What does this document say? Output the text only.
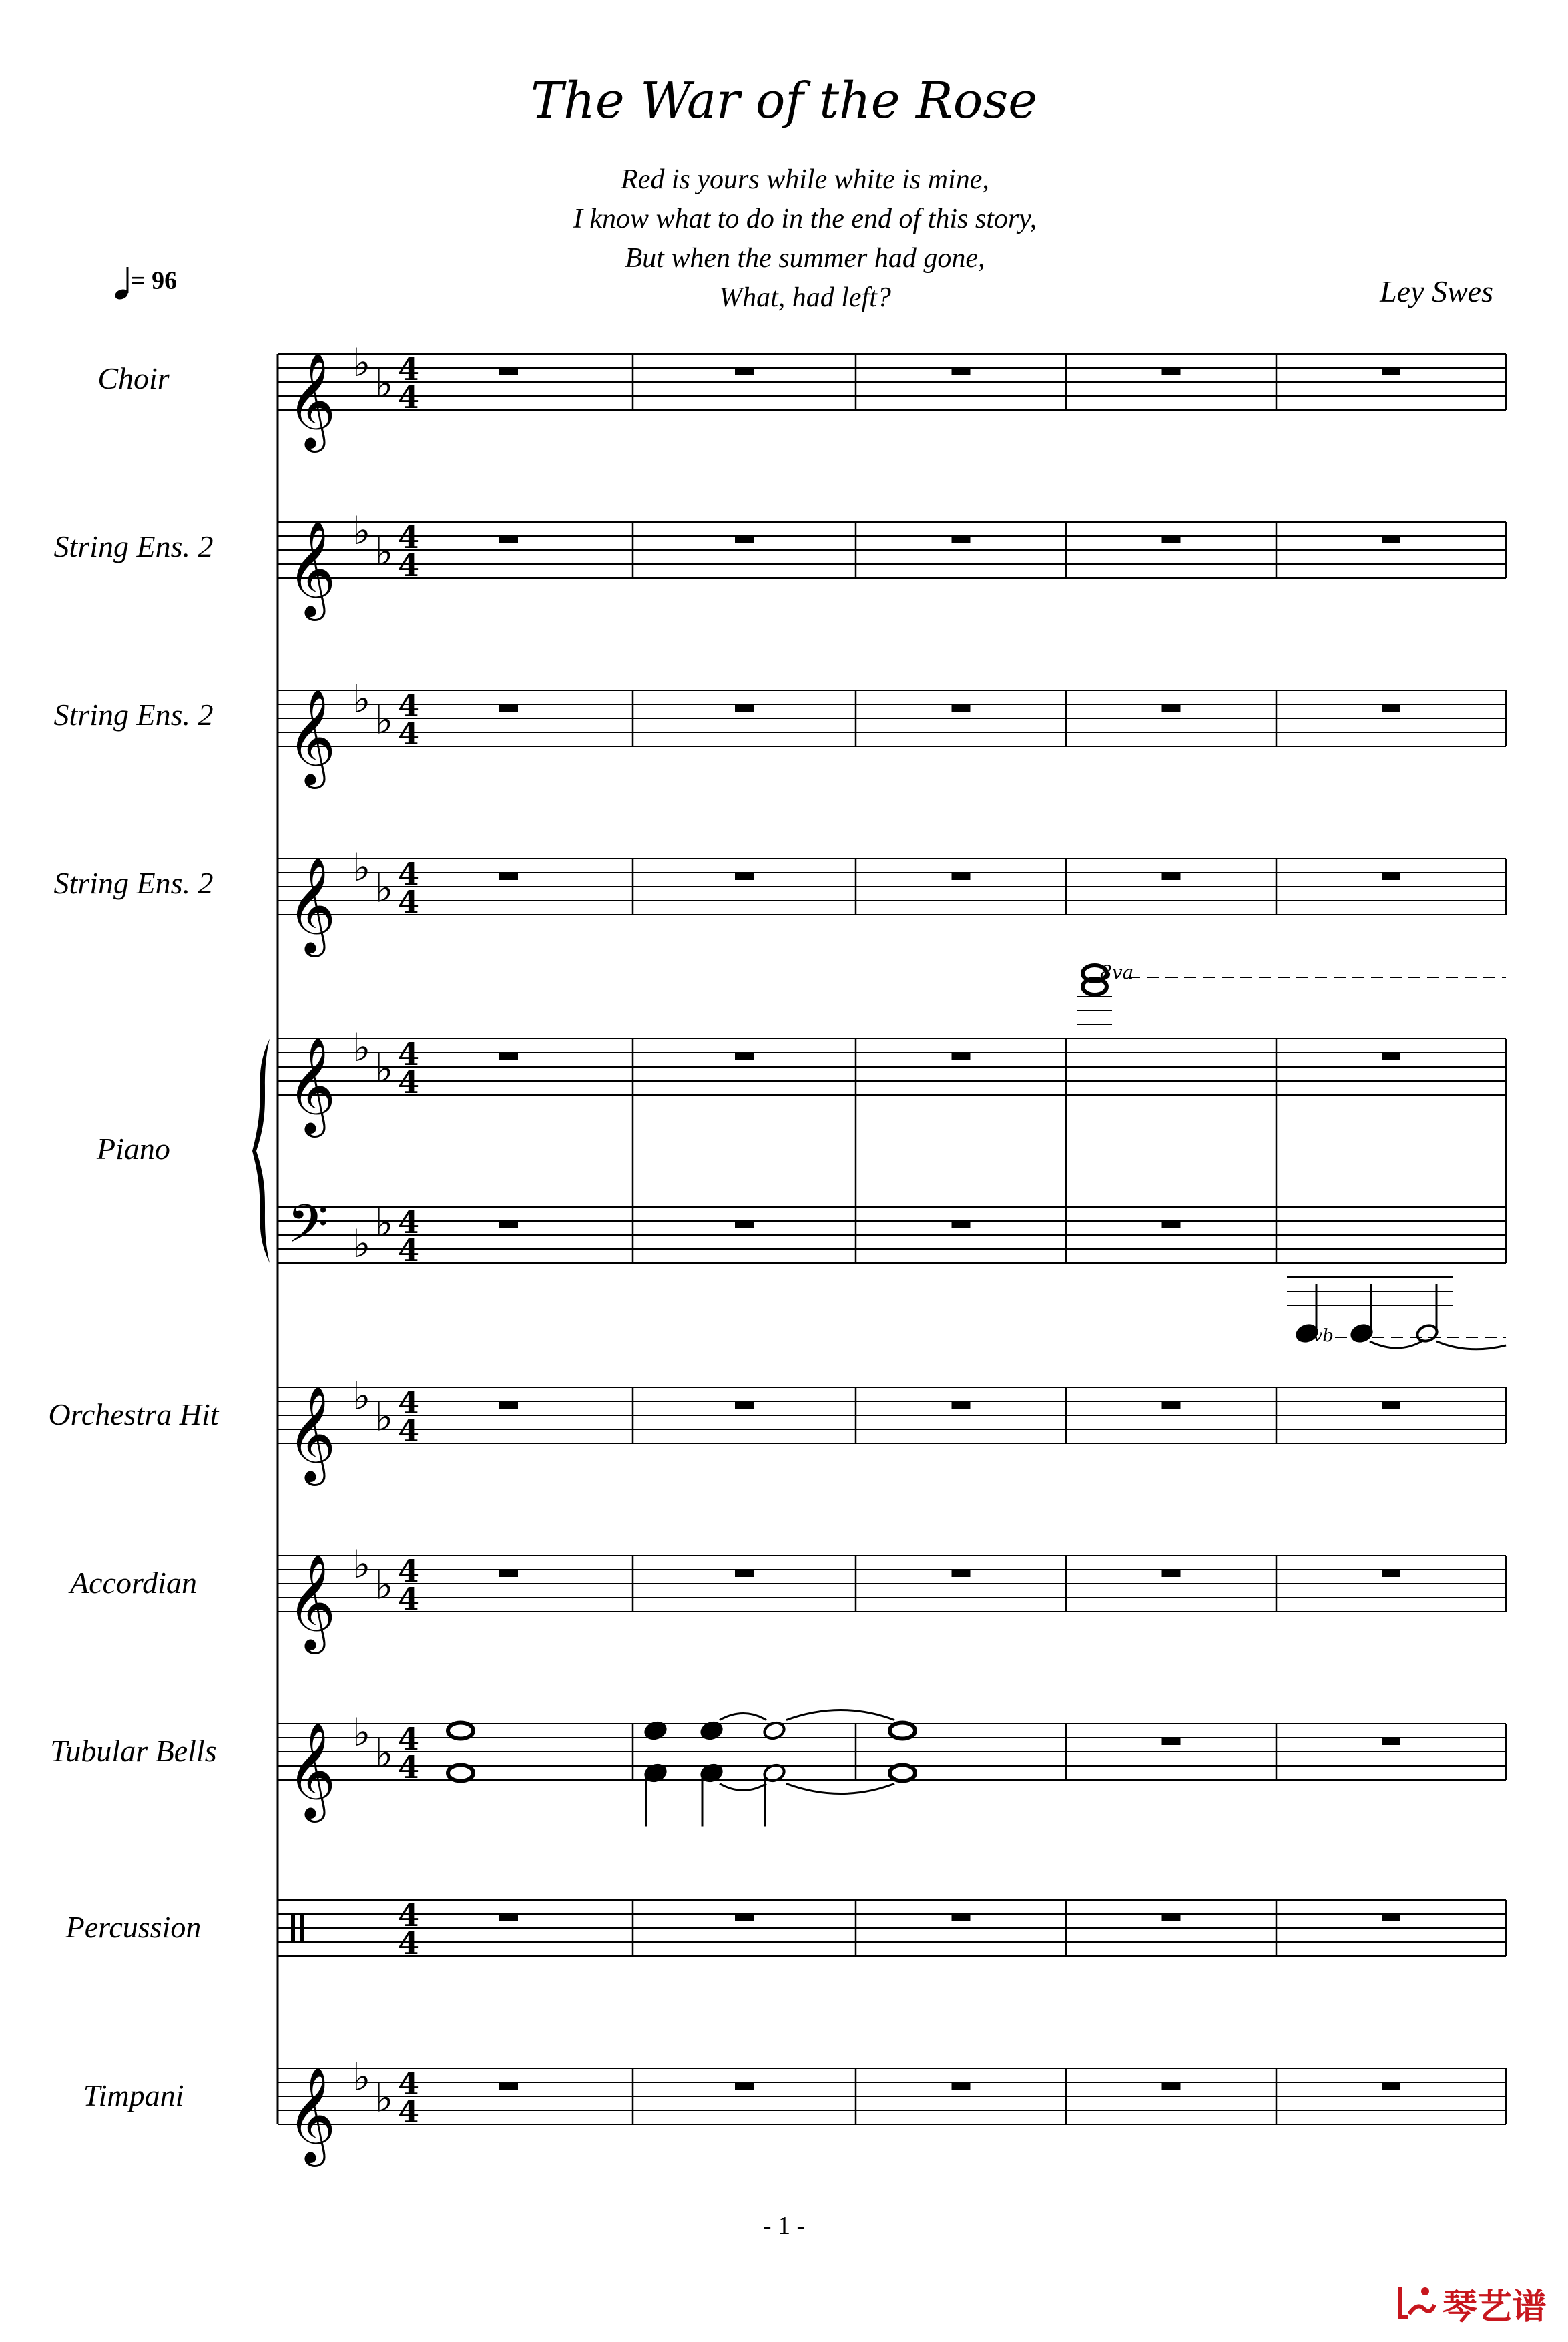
The War of the Rose
Red is yours while white is mine,
I know what to do in the end of this story,
But when the summer had gone,
What, had left?	Ley Swes
= 96
Choir
String Ens. 2
String Ens. 2
String Ens. 2
Piano
Orchestra Hit
Accordian
Tubular Bells
Percussion
Timpani
𝄞 ♭ ♭ 4
4
𝄞 ♭ ♭ 4
4
𝄞 ♭ ♭ 4
4
𝄞 ♭ ♭ 4
4
𝄞 ♭ ♭ 4
4
𝄢 ♭ ♭ 4
4
𝄞 ♭ ♭ 4
4
𝄞 ♭ ♭ 4
4
𝄞 ♭ ♭ 4
4
4
4
𝄞 ♭ ♭ 4
4
8va
8vb
- 1 -
琴艺谱
